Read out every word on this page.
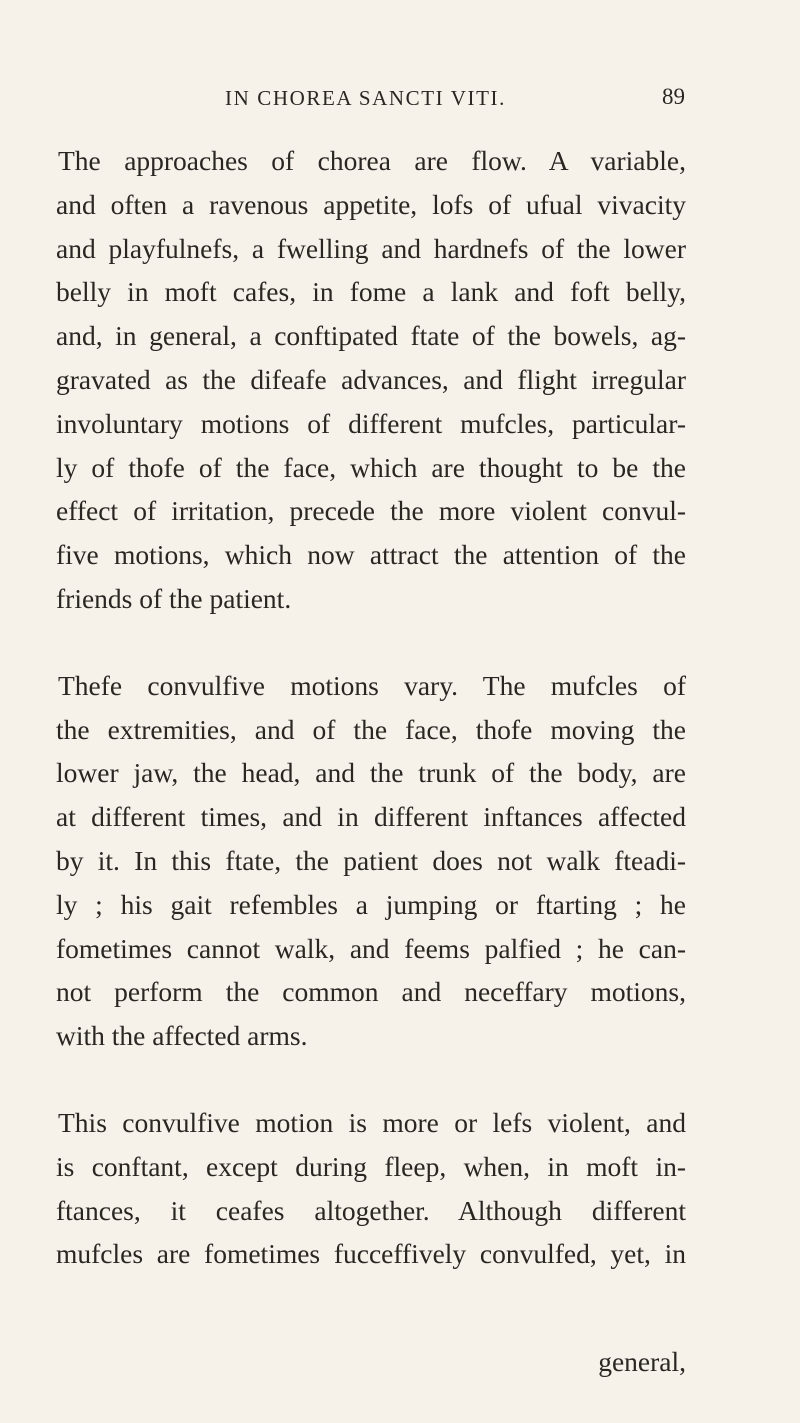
IN CHOREA SANCTI VITI.	89

The approaches of chorea are flow. A variable,
and often a ravenous appetite, lofs of ufual vivacity
and playfulnefs, a fwelling and hardnefs of the lower
belly in moft cafes, in fome a lank and foft belly,
and, in general, a conftipated ftate of the bowels, ag-
gravated as the difeafe advances, and flight irregular
involuntary motions of different mufcles, particular-
ly of thofe of the face, which are thought to be the
effect of irritation, precede the more violent convul-
five motions, which now attract the attention of the
friends of the patient.

Thefe convulfive motions vary. The mufcles of
the extremities, and of the face, thofe moving the
lower jaw, the head, and the trunk of the body, are
at different times, and in different inftances affected
by it. In this ftate, the patient does not walk fteadi-
ly ; his gait refembles a jumping or ftarting ; he
fometimes cannot walk, and feems palfied ; he can-
not perform the common and neceffary motions,
with the affected arms.

This convulfive motion is more or lefs violent, and
is conftant, except during fleep, when, in moft in-
ftances, it ceafes altogether. Although different
mufcles are fometimes fucceffively convulfed, yet, in

general,
